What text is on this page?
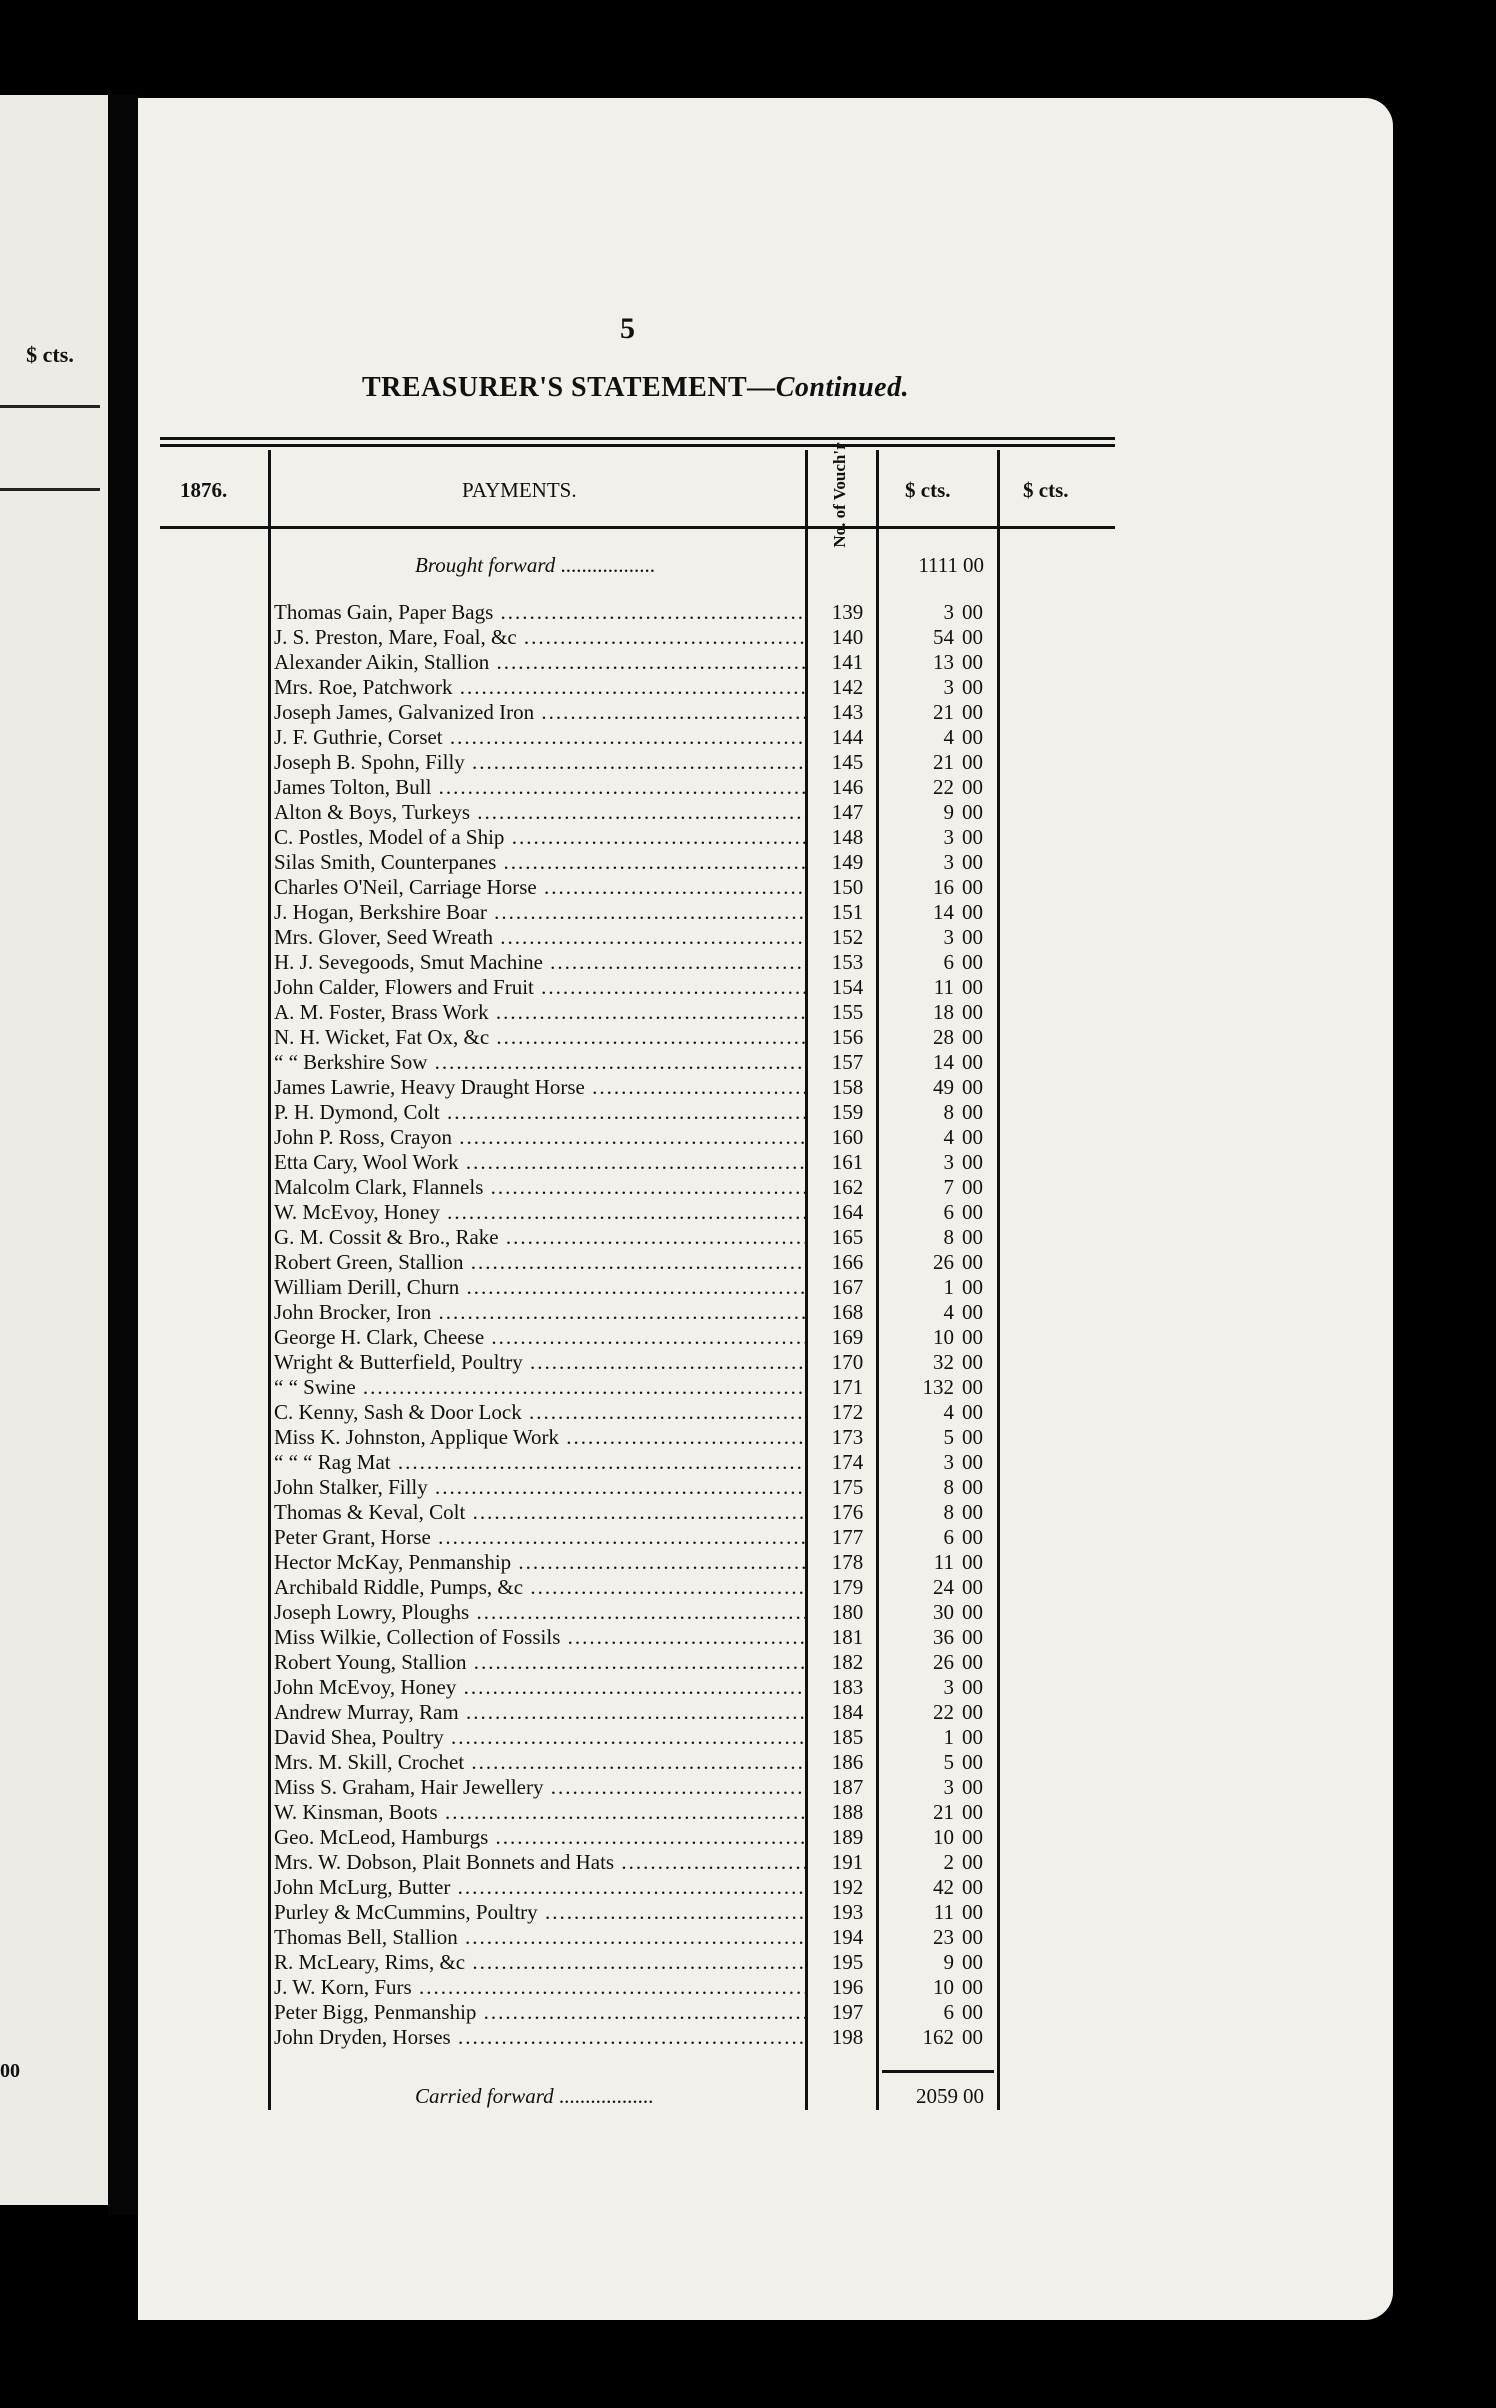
$ cts.
00
5
TREASURER'S STATEMENT—Continued.
1876.	PAYMENTS.	No. of Vouch'r	$ cts.	$ cts.
Brought forward ..................	1111 00
Thomas Gain, Paper Bags .....	139	3 00
J. S. Preston, Mare, Foal, &c .....	140	54 00
Alexander Aikin, Stallion .....	141	13 00
Mrs. Roe, Patchwork .....	142	3 00
Joseph James, Galvanized Iron .....	143	21 00
J. F. Guthrie, Corset .....	144	4 00
Joseph B. Spohn, Filly .....	145	21 00
James Tolton, Bull .....	146	22 00
Alton & Boys, Turkeys .....	147	9 00
C. Postles, Model of a Ship .....	148	3 00
Silas Smith, Counterpanes .....	149	3 00
Charles O'Neil, Carriage Horse .....	150	16 00
J. Hogan, Berkshire Boar .....	151	14 00
Mrs. Glover, Seed Wreath .....	152	3 00
H. J. Sevegoods, Smut Machine .....	153	6 00
John Calder, Flowers and Fruit .....	154	11 00
A. M. Foster, Brass Work .....	155	18 00
N. H. Wicket, Fat Ox, &c .....	156	28 00
“ “ Berkshire Sow .....	157	14 00
James Lawrie, Heavy Draught Horse .....	158	49 00
P. H. Dymond, Colt .....	159	8 00
John P. Ross, Crayon .....	160	4 00
Etta Cary, Wool Work .....	161	3 00
Malcolm Clark, Flannels .....	162	7 00
W. McEvoy, Honey .....	164	6 00
G. M. Cossit & Bro., Rake .....	165	8 00
Robert Green, Stallion .....	166	26 00
William Derill, Churn .....	167	1 00
John Brocker, Iron .....	168	4 00
George H. Clark, Cheese .....	169	10 00
Wright & Butterfield, Poultry .....	170	32 00
“ “ Swine .....	171	132 00
C. Kenny, Sash & Door Lock .....	172	4 00
Miss K. Johnston, Applique Work .....	173	5 00
“ “ “ Rag Mat .....	174	3 00
John Stalker, Filly .....	175	8 00
Thomas & Keval, Colt .....	176	8 00
Peter Grant, Horse .....	177	6 00
Hector McKay, Penmanship .....	178	11 00
Archibald Riddle, Pumps, &c .....	179	24 00
Joseph Lowry, Ploughs .....	180	30 00
Miss Wilkie, Collection of Fossils .....	181	36 00
Robert Young, Stallion .....	182	26 00
John McEvoy, Honey .....	183	3 00
Andrew Murray, Ram .....	184	22 00
David Shea, Poultry .....	185	1 00
Mrs. M. Skill, Crochet .....	186	5 00
Miss S. Graham, Hair Jewellery .....	187	3 00
W. Kinsman, Boots .....	188	21 00
Geo. McLeod, Hamburgs .....	189	10 00
Mrs. W. Dobson, Plait Bonnets and Hats .....	191	2 00
John McLurg, Butter .....	192	42 00
Purley & McCummins, Poultry .....	193	11 00
Thomas Bell, Stallion .....	194	23 00
R. McLeary, Rims, &c .....	195	9 00
J. W. Korn, Furs .....	196	10 00
Peter Bigg, Penmanship .....	197	6 00
John Dryden, Horses .....	198	162 00
Carried forward ..................	2059 00
